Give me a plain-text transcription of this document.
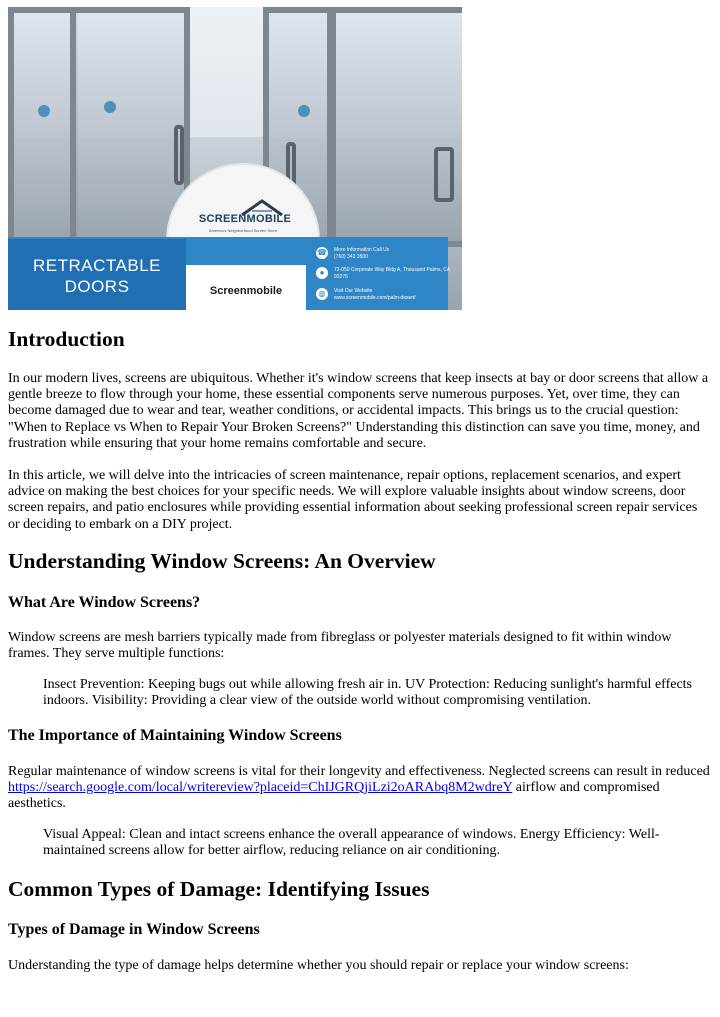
SCREENMOBILE
America's Neighborhood Screen Store
RETRACTABLE DOORS	Screenmobile
☎ More Information Call Us
(760) 343 3500
●	72-050 Corporate Way Bldg A, Thousand Palms, CA 92276
◍	Visit Our Website
www.screenmobile.com/palm-desert/
Introduction

In our modern lives, screens are ubiquitous. Whether it's window screens that keep insects at bay or door screens that allow a gentle breeze to flow through your home, these essential components serve numerous purposes. Yet, over time, they can become damaged due to wear and tear, weather conditions, or accidental impacts. This brings us to the crucial question: "When to Replace vs When to Repair Your Broken Screens?" Understanding this distinction can save you time, money, and frustration while ensuring that your home remains comfortable and secure.

In this article, we will delve into the intricacies of screen maintenance, repair options, replacement scenarios, and expert advice on making the best choices for your specific needs. We will explore valuable insights about window screens, door screen repairs, and patio enclosures while providing essential information about seeking professional screen repair services or deciding to embark on a DIY project.

Understanding Window Screens: An Overview
What Are Window Screens?

Window screens are mesh barriers typically made from fibreglass or polyester materials designed to fit within window frames. They serve multiple functions:

Insect Prevention: Keeping bugs out while allowing fresh air in. UV Protection: Reducing sunlight's harmful effects indoors. Visibility: Providing a clear view of the outside world without compromising ventilation.

The Importance of Maintaining Window Screens

Regular maintenance of window screens is vital for their longevity and effectiveness. Neglected screens can result in reduced https://search.google.com/local/writereview?placeid=ChIJGRQjiLzi2oARAbq8M2wdreY airflow and compromised aesthetics.

Visual Appeal: Clean and intact screens enhance the overall appearance of windows. Energy Efficiency: Well-maintained screens allow for better airflow, reducing reliance on air conditioning.

Common Types of Damage: Identifying Issues
Types of Damage in Window Screens

Understanding the type of damage helps determine whether you should repair or replace your window screens:
